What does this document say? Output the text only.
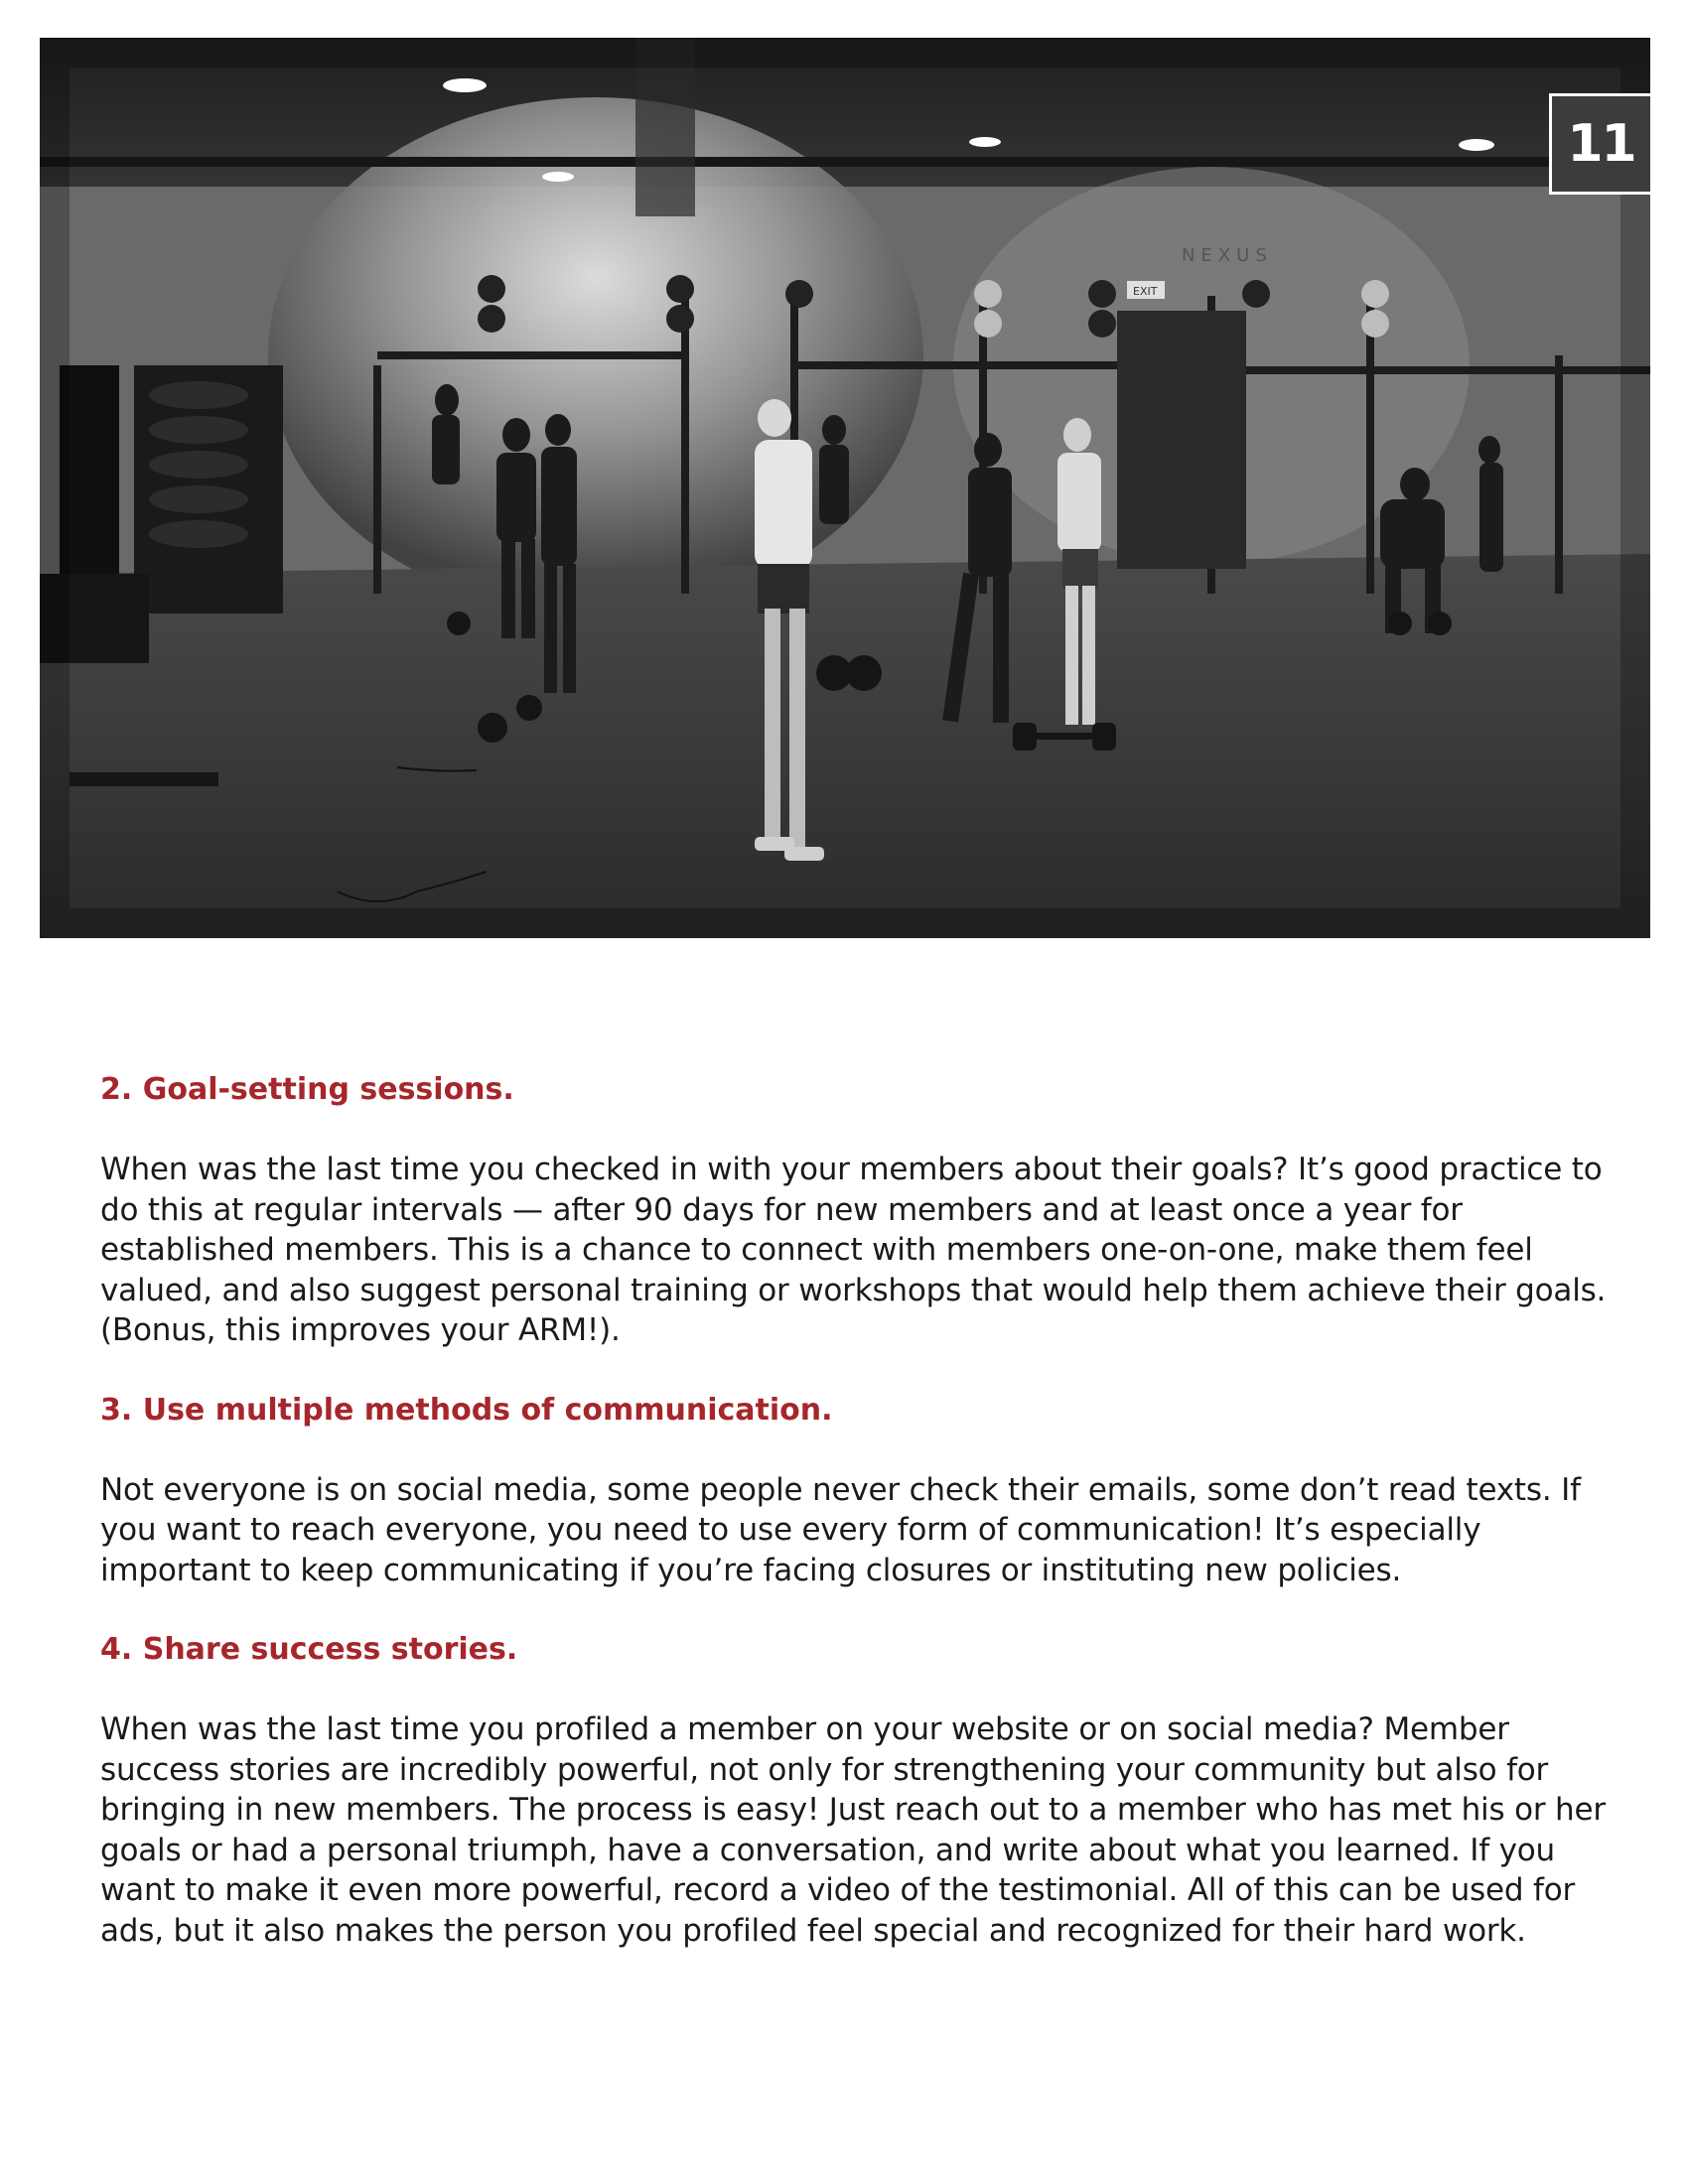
NEXUS
EXIT
11
2. Goal-setting sessions.
When was the last time you checked in with your members about their goals? It’s good practice to do this at regular intervals — after 90 days for new members and at least once a year for established members. This is a chance to connect with members one-on-one, make them feel valued, and also suggest personal training or workshops that would help them achieve their goals. (Bonus, this improves your ARM!).
3. Use multiple methods of communication.
Not everyone is on social media, some people never check their emails, some don’t read texts. If you want to reach everyone, you need to use every form of communication! It’s especially important to keep communicating if you’re facing closures or instituting new policies.
4. Share success stories.
When was the last time you profiled a member on your website or on social media? Member success stories are incredibly powerful, not only for strengthening your community but also for bringing in new members. The process is easy! Just reach out to a member who has met his or her goals or had a personal triumph, have a conversation, and write about what you learned. If you want to make it even more powerful, record a video of the testimonial. All of this can be used for ads, but it also makes the person you profiled feel special and recognized for their hard work.
